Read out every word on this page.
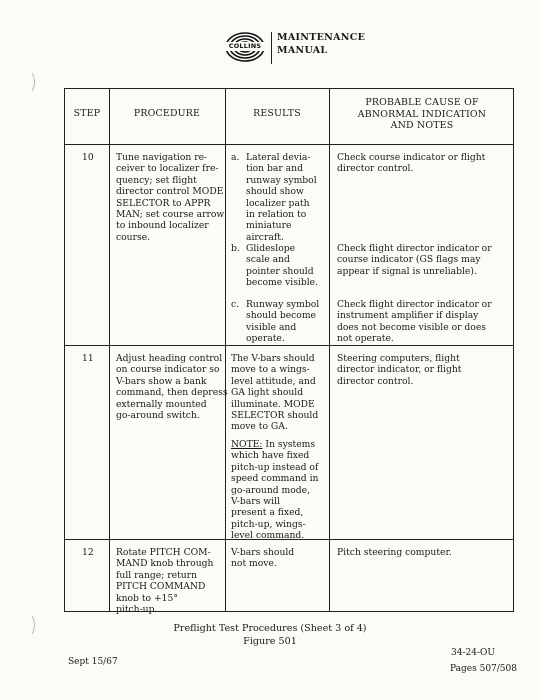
COLLINS
MAINTENANCE
MANUAL
STEP	PROCEDURE	RESULTS
PROBABLE CAUSE OF
ABNORMAL INDICATION
AND NOTES
10 Tune navigation re-
ceiver to localizer fre-
quency; set flight
director control MODE
SELECTOR to APPR
MAN; set course arrow
to inbound localizer
course.
a. Lateral devia-
tion bar and
runway symbol
should show
localizer path
in relation to
miniature
aircraft.
b. Glideslope
scale and
pointer should
become visible.
c. Runway symbol
should become
visible and
operate.
Check course indicator or flight
director control.
Check flight director indicator or
course indicator (GS flags may
appear if signal is unreliable).
Check flight director indicator or
instrument amplifier if display
does not become visible or does
not operate.
11 Adjust heading control
on course indicator so
V-bars show a bank
command, then depress
externally mounted
go-around switch.
The V-bars should
move to a wings-
level attitude, and
GA light should
illuminate. MODE
SELECTOR should
move to GA.
NOTE: In systems
which have fixed
pitch-up instead of
speed command in
go-around mode,
V-bars will
present a fixed,
pitch-up, wings-
level command.
Steering computers, flight
director indicator, or flight
director control.
12 Rotate PITCH COM-
MAND knob through
full range; return
PITCH COMMAND
knob to +15°
pitch-up.
V-bars should
not move.
Pitch steering computer.
Preflight Test Procedures (Sheet 3 of 4)
Figure 501
Sept 15/67
34-24-OU
Pages 507/508
